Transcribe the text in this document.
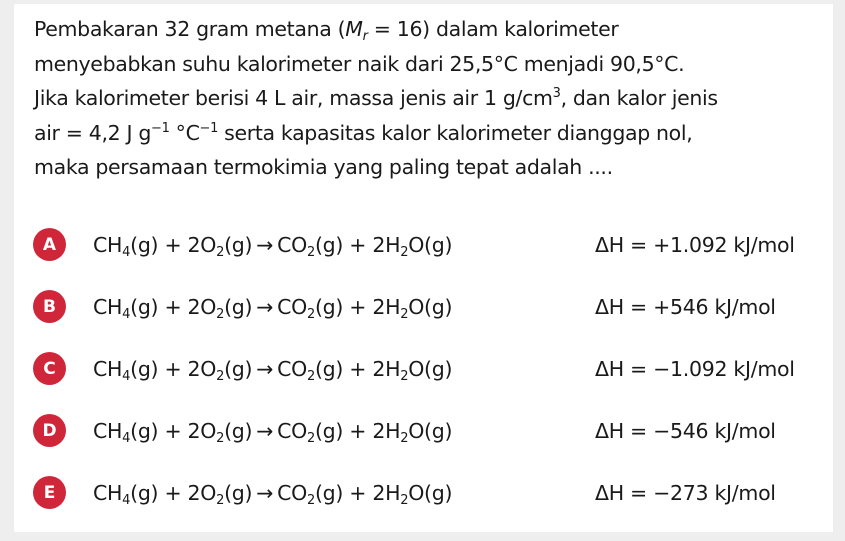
Pembakaran 32 gram metana $(M_r = 16)$ dalam kalorimeter

menyebabkan suhu kalorimeter naik dari 25,5°C menjadi 90,5°C.

Jika kalorimeter berisi 4 L air, massa jenis air 1 $g/cm^3$, dan kalor jenis

air = 4,2 J $g^{-1}$ $^\circ C^{-1}$ serta kapasitas kalor kalorimeter dianggap nol,

maka persamaan termokimia yang paling tepat adalah ....

A	$CH_4(g) + 2O_2(g) \to CO_2(g) + 2H_2O(g)$	ΔH = +1.092 kJ/mol
B	$CH_4(g) + 2O_2(g) \to CO_2(g) + 2H_2O(g)$	ΔH = +546 kJ/mol
C	$CH_4(g) + 2O_2(g) \to CO_2(g) + 2H_2O(g)$	ΔH = −1.092 kJ/mol
D	$CH_4(g) + 2O_2(g) \to CO_2(g) + 2H_2O(g)$	ΔH = −546 kJ/mol
E	$CH_4(g) + 2O_2(g) \to CO_2(g) + 2H_2O(g)$	ΔH = −273 kJ/mol
